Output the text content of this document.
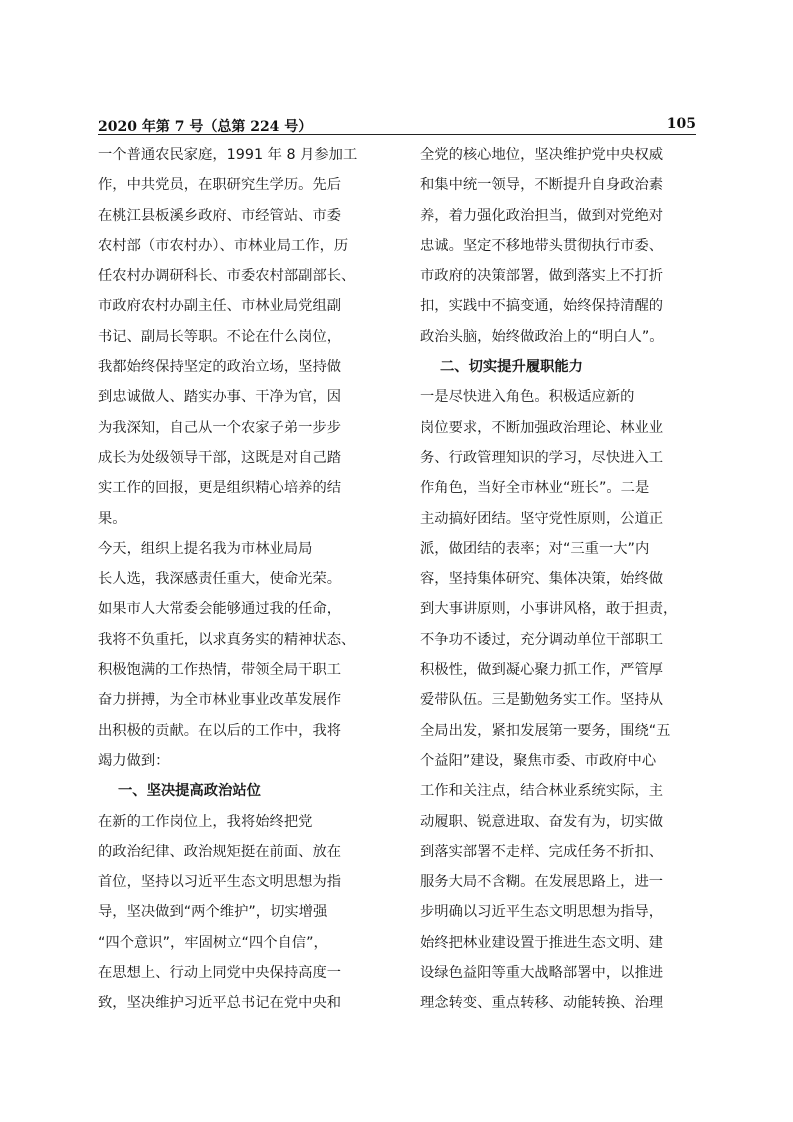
2020 年第 7 号（总第 224 号）	105
一个普通农民家庭，1991 年 8 月参加工
作，中共党员，在职研究生学历。先后
在桃江县板溪乡政府、市经管站、市委
农村部（市农村办）、市林业局工作，历
任农村办调研科长、市委农村部副部长、
市政府农村办副主任、市林业局党组副
书记、副局长等职。不论在什么岗位，
我都始终保持坚定的政治立场，坚持做
到忠诚做人、踏实办事、干净为官，因
为我深知，自己从一个农家子弟一步步
成长为处级领导干部，这既是对自己踏
实工作的回报，更是组织精心培养的结
果。
今天，组织上提名我为市林业局局
长人选，我深感责任重大，使命光荣。
如果市人大常委会能够通过我的任命，
我将不负重托，以求真务实的精神状态、
积极饱满的工作热情，带领全局干职工
奋力拼搏，为全市林业事业改革发展作
出积极的贡献。在以后的工作中，我将
竭力做到：
一、坚决提高政治站位
在新的工作岗位上，我将始终把党
的政治纪律、政治规矩挺在前面、放在
首位，坚持以习近平生态文明思想为指
导，坚决做到“两个维护”，切实增强
“四个意识”，牢固树立“四个自信”，
在思想上、行动上同党中央保持高度一
致，坚决维护习近平总书记在党中央和
全党的核心地位，坚决维护党中央权威
和集中统一领导，不断提升自身政治素
养，着力强化政治担当，做到对党绝对
忠诚。坚定不移地带头贯彻执行市委、
市政府的决策部署，做到落实上不打折
扣，实践中不搞变通，始终保持清醒的
政治头脑，始终做政治上的“明白人”。
二、切实提升履职能力
一是尽快进入角色。积极适应新的
岗位要求，不断加强政治理论、林业业
务、行政管理知识的学习，尽快进入工
作角色，当好全市林业“班长”。二是
主动搞好团结。坚守党性原则，公道正
派，做团结的表率；对“三重一大”内
容，坚持集体研究、集体决策，始终做
到大事讲原则，小事讲风格，敢于担责，
不争功不诿过，充分调动单位干部职工
积极性，做到凝心聚力抓工作，严管厚
爱带队伍。三是勤勉务实工作。坚持从
全局出发，紧扣发展第一要务，围绕“五
个益阳”建设，聚焦市委、市政府中心
工作和关注点，结合林业系统实际，主
动履职、锐意进取、奋发有为，切实做
到落实部署不走样、完成任务不折扣、
服务大局不含糊。在发展思路上，进一
步明确以习近平生态文明思想为指导，
始终把林业建设置于推进生态文明、建
设绿色益阳等重大战略部署中，以推进
理念转变、重点转移、动能转换、治理
